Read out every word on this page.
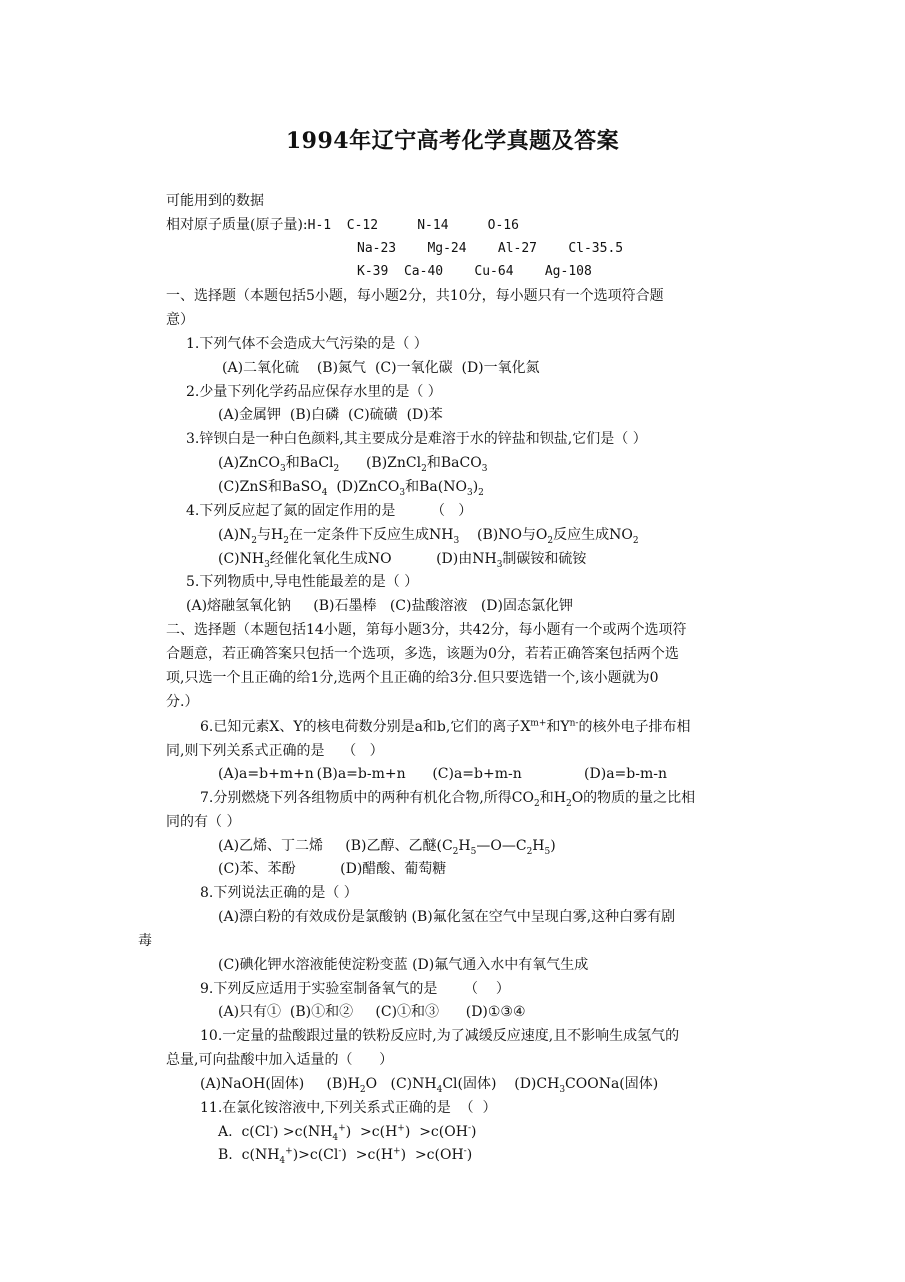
1994年辽宁高考化学真题及答案
可能用到的数据
相对原子质量(原子量):H-1  C-12     N-14     O-16
Na-23    Mg-24    Al-27    Cl-35.5
K-39  Ca-40    Cu-64    Ag-108
一、选择题（本题包括5小题，每小题2分，共10分，每小题只有一个选项符合题
意）
1.下列气体不会造成大气污染的是（ ）
(A)二氧化硫    (B)氮气  (C)一氧化碳  (D)一氧化氮
2.少量下列化学药品应保存水里的是（ ）
(A)金属钾  (B)白磷  (C)硫磺  (D)苯
3.锌钡白是一种白色颜料,其主要成分是难溶于水的锌盐和钡盐,它们是（ ）
(A)ZnCO$_3$和BaCl$_2$      (B)ZnCl$_2$和BaCO$_3$
(C)ZnS和BaSO$_4$  (D)ZnCO$_3$和$Ba(NO_3)_2$
4.下列反应起了氮的固定作用的是        （   ）
$(A)N_2$与$H_2$在一定条件下反应生成$NH_3$    (B)NO与$O_2$反应生成$NO_2$
$(C)NH_3$经催化氧化生成NO          (D)由$NH_3$制碳铵和硫铵
5.下列物质中,导电性能最差的是（ ）
(A)熔融氢氧化钠     (B)石墨棒   (C)盐酸溶液   (D)固态氯化钾
二、选择题（本题包括14小题，第每小题3分，共42分，每小题有一个或两个选项符
合题意，若正确答案只包括一个选项，多选，该题为0分，若若正确答案包括两个选
项,只选一个且正确的给1分,选两个且正确的给3分.但只要选错一个,该小题就为0
分.）
6.已知元素X、Y的核电荷数分别是a和b,它们的离子$X^{m+}$和$Y^{n-}$的核外电子排布相
同,则下列关系式正确的是    （   ）
(A)a=b+m+n (B)a=b-m+n      (C)a=b+m-n              (D)a=b-m-n
7.分别燃烧下列各组物质中的两种有机化合物,所得$CO_2$和$H_2O$的物质的量之比相
同的有（ ）
(A)乙烯、丁二烯     (B)乙醇、乙醚$(C_2H_5—O—C_2H_5)$
(C)苯、苯酚          (D)醋酸、葡萄糖
8.下列说法正确的是（ ）
(A)漂白粉的有效成份是氯酸钠 (B)氟化氢在空气中呈现白雾,这种白雾有剧
毒
(C)碘化钾水溶液能使淀粉变蓝 (D)氟气通入水中有氧气生成
9.下列反应适用于实验室制备氧气的是      （    ）
(A)只有①  (B)①和②     (C)①和③      (D)①③④
10.一定量的盐酸跟过量的铁粉反应时,为了减缓反应速度,且不影响生成氢气的
总量,可向盐酸中加入适量的（      ）
(A)NaOH(固体)     $(B)H_2O$   $(C)NH_4Cl$(固体)    $(D)CH_3COONa$(固体)
11.在氯化铵溶液中,下列关系式正确的是  （  ）
A.  $c(Cl^-) >c(NH_4^+) >c(H^+) >c(OH^-)$
B.  $c(NH_4^+)>c(Cl^-) >c(H^+) >c(OH^-)$
